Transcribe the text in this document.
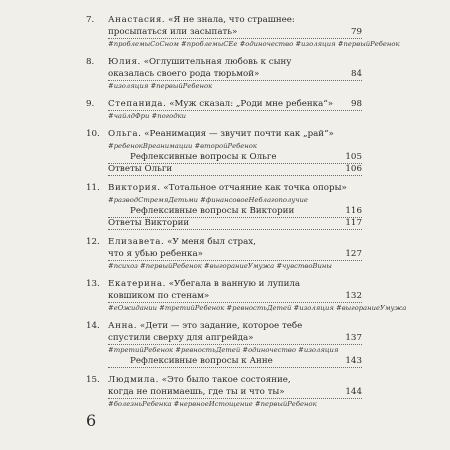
7. Анастасия. «Я не знала, что страшнее:
просыпаться или засыпать»	79
#проблемыСоСном #проблемыСЕе #одиночество #изоляция #первыйРебенок
8. Юлия. «Оглушительная любовь к сыну
оказалась своего рода тюрьмой»	84
#изоляция #первыйРебенок
9. Степанида. «Муж сказал: „Роди мне ребенка“» 98
#чайлдФри #погодки
10. Ольга. «Реанимация — звучит почти как „рай“»
#ребенокВреанимации #второйРебенок
Рефлексивные вопросы к Ольге	105
Ответы Ольги	106
11. Виктория. «Тотальное отчаяние как точка опоры»
#разводСтремяДетьми #финансовоеНеблагополучие
Рефлексивные вопросы к Виктории	116
Ответы Виктории	117
12. Елизавета. «У меня был страх,
что я убью ребенка»	127
#психоз #первыйРебенок #выгораниеУмужа #чувствоВины
13. Екатерина. «Убегала в ванную и лупила
ковшиком по стенам»	132
#еОжидании #третийРебенок #ревностьДетей #изоляция #выгораниеУмужа
14. Анна. «Дети — это задание, которое тебе
спустили сверху для апгрейда»	137
#третийРебенок #ревностьДетей #одиночество #изоляция
Рефлексивные вопросы к Анне	143
15. Людмила. «Это было такое состояние,
когда не понимаешь, где ты и что ты»	144
#болезньРебенка #нервноеИстощение #первыйРебенок
6
